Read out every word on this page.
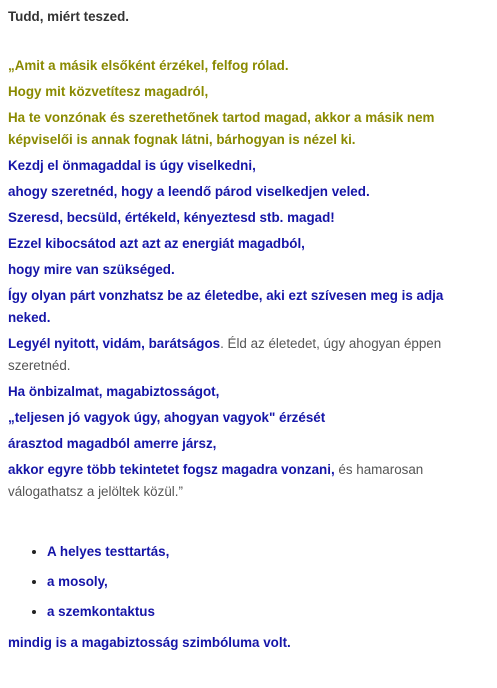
Tudd, miért teszed.

„Amit a másik elsőként érzékel, felfog rólad.

Hogy mit közvetítesz magadról,

Ha te vonzónak és szerethetőnek tartod magad, akkor a másik nem képviselői is annak fognak látni, bárhogyan is nézel ki.

Kezdj el önmagaddal is úgy viselkedni,

ahogy szeretnéd, hogy a leendő párod viselkedjen veled.

Szeresd, becsüld, értékeld, kényeztesd stb. magad!

Ezzel kibocsátod azt azt az energiát magadból,

hogy mire van szükséged.

Így olyan párt vonzhatsz be az életedbe, aki ezt szívesen meg is adja neked.

Legyél nyitott, vidám, barátságos. Éld az életedet, úgy ahogyan éppen szeretnéd.

Ha önbizalmat, magabiztosságot,

„teljesen jó vagyok úgy, ahogyan vagyok" érzését

árasztod magadból amerre jársz,

akkor egyre több tekintetet fogsz magadra vonzani, és hamarosan válogathatsz a jelöltek közül.”

• A helyes testtartás,
• a mosoly,
• a szemkontaktus

mindig is a magabiztosság szimbóluma volt.
